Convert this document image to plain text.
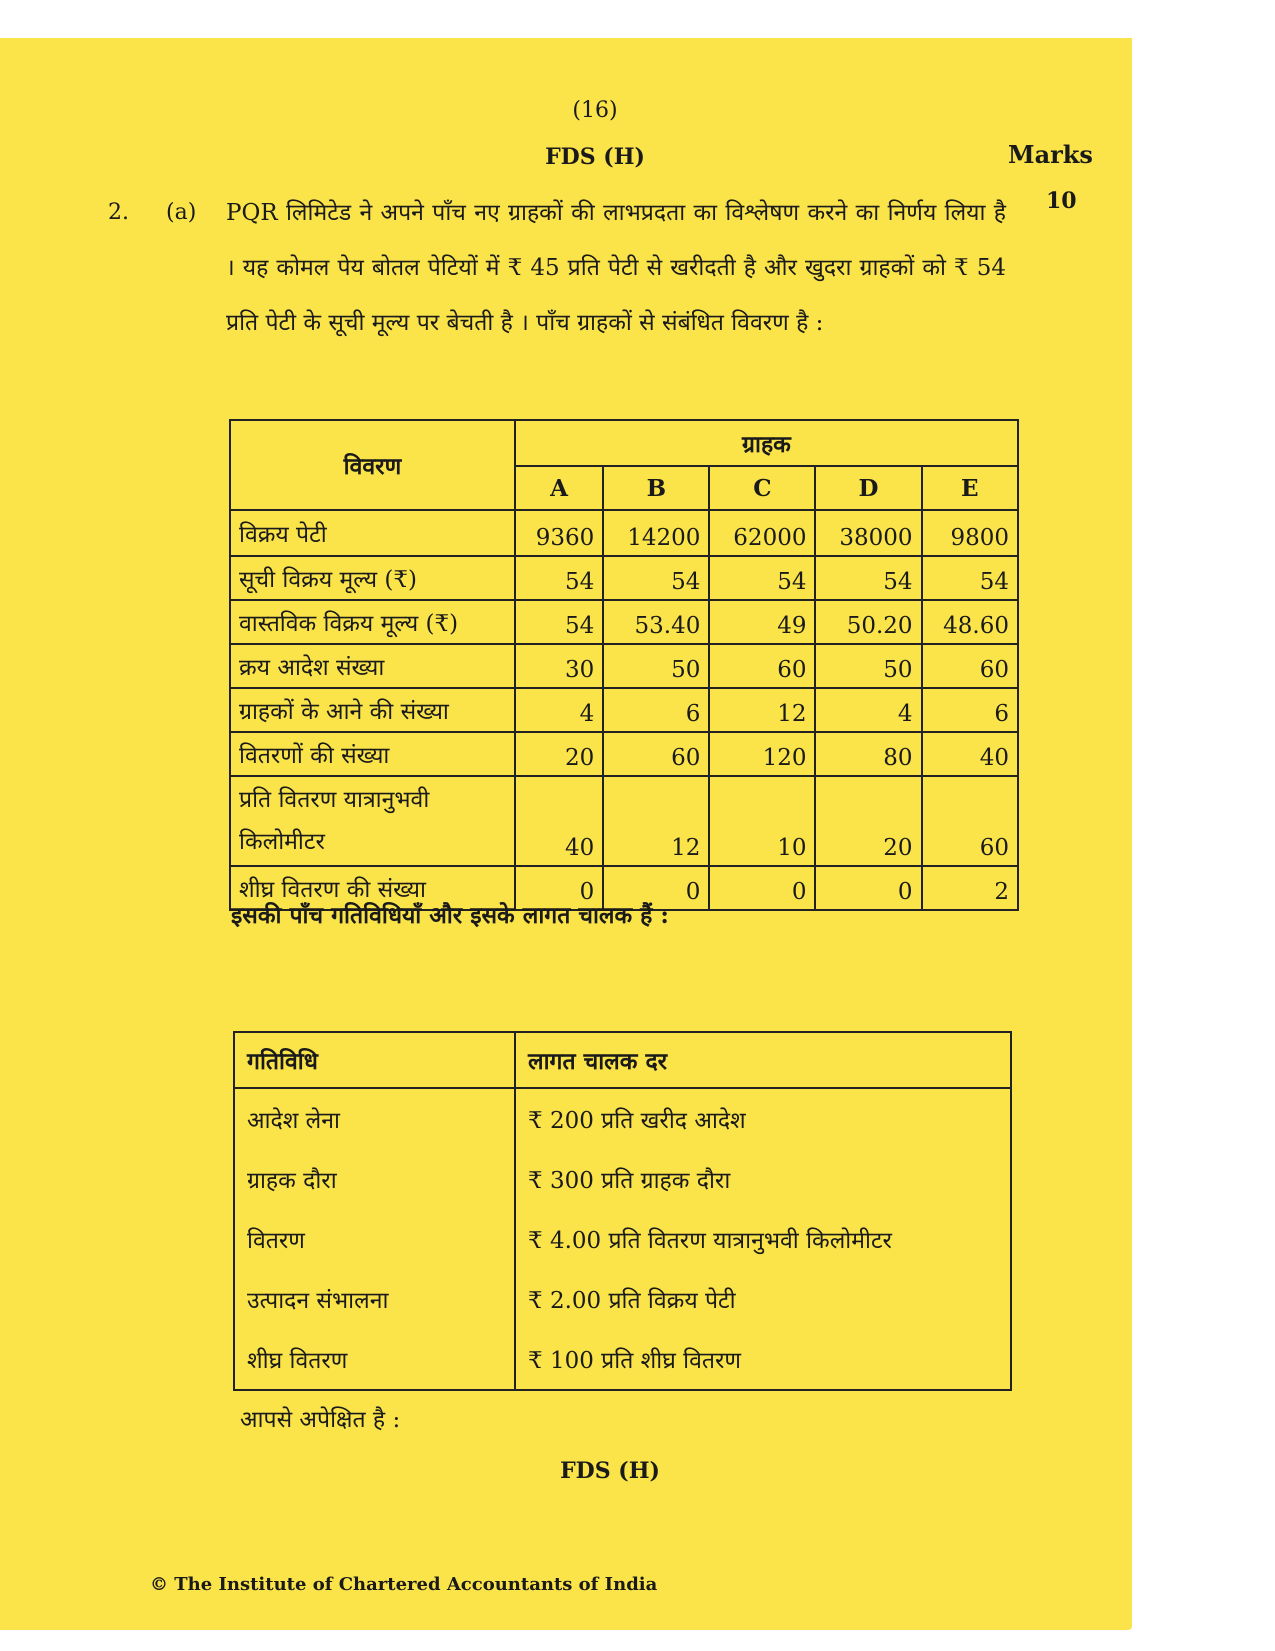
(16)
FDS (H)	Marks
10
2. (a) PQR लिमिटेड ने अपने पाँच नए ग्राहकों की लाभप्रदता का विश्लेषण करने का निर्णय लिया है । यह कोमल पेय बोतल पेटियों में ₹ 45 प्रति पेटी से खरीदती है और खुदरा ग्राहकों को ₹ 54 प्रति पेटी के सूची मूल्य पर बेचती है । पाँच ग्राहकों से संबंधित विवरण है :
विवरण	ग्राहक				
	A	B	C	D	E
विक्रय पेटी	9360	14200	62000	38000	9800
सूची विक्रय मूल्य (₹)	54	54	54	54	54
वास्तविक विक्रय मूल्य (₹)	54	53.40	49	50.20	48.60
क्रय आदेश संख्या	30	50	60	50	60
ग्राहकों के आने की संख्या	4	6	12	4	6
वितरणों की संख्या	20	60	120	80	40

प्रति वितरण यात्रानुभवी
किलोमीटर	40	12	10	20	60
शीघ्र वितरण की संख्या	0	0	0	0	2
इसकी पाँच गतिविधियाँ और इसके लागत चालक हैं :
गतिविधि	लागत चालक दर
आदेश लेना	₹ 200 प्रति खरीद आदेश
ग्राहक दौरा	₹ 300 प्रति ग्राहक दौरा
वितरण	₹ 4.00 प्रति वितरण यात्रानुभवी किलोमीटर
उत्पादन संभालना	₹ 2.00 प्रति विक्रय पेटी
शीघ्र वितरण	₹ 100 प्रति शीघ्र वितरण
आपसे अपेक्षित है :
FDS (H)
© The Institute of Chartered Accountants of India
